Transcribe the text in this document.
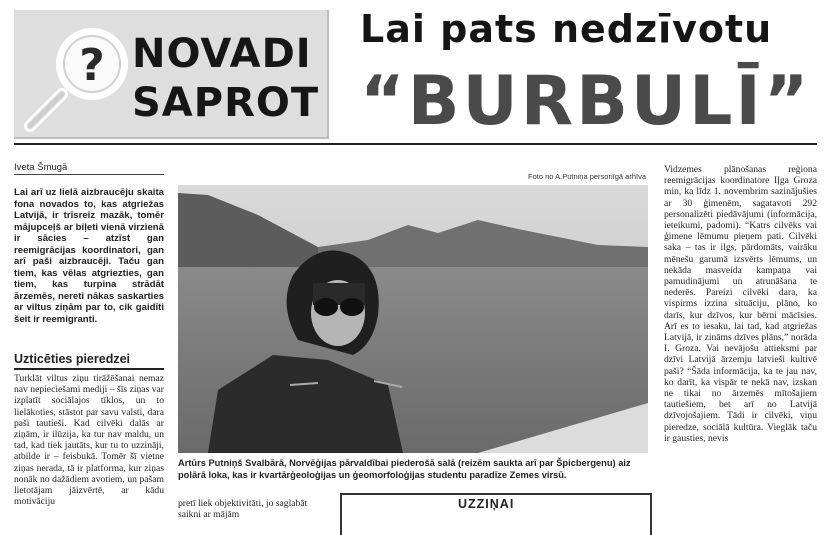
? NOVADI
SAPROT
Lai pats nedzīvotu
“BURBULĪ”
Iveta Šmugā
Lai arī uz lielā aizbraucēju skaita fona novados to, kas atgriežas Latvijā, ir trīsreiz mazāk, tomēr mājupceļš ar biļeti vienā virzienā ir sācies – atzīst gan reemigrācijas koordinatori, gan arī paši aizbraucēji. Taču gan tiem, kas vēlas atgriezties, gan tiem, kas turpina strādāt ārzemēs, nereti nākas saskarties ar viltus ziņām par to, cik gaidīti šeit ir reemigranti.
Uzticēties pieredzei
Turklāt viltus ziņu tirāžēšanai nemaz nav nepieciešami mediji – šīs ziņas var izplatīt sociālajos tīklos, un to lielākoties, stāstot par savu valsti, dara paši tautieši. Kad cilvēki dalās ar ziņām, ir ilūzija, ka tur nav maldu, un tad, kad tiek jautāts, kur tu to uzzināji, atbilde ir – feisbukā. Tomēr šī vietne ziņas nerada, tā ir platforma, kur ziņas nonāk no dažādiem avotiem, un pašam lietotājam jāizvērtē, ar kādu motivāciju
Foto no A.Putniņa personīgā arhīva
Artūrs Putniņš Svalbārā, Norvēģijas pārvaldībai piederošā salā (reizēm saukta arī par Špicbergenu) aiz polārā loka, kas ir kvartārģeoloģijas un ģeomorfoloģijas studentu paradīze Zemes virsū.
pretī liek objektivitāti, jo saglabāt saikni ar mājām
UZZIŅAI
Vidzemes plānošanas reģiona reemigrācijas koordinatore Iļga Groza min, ka līdz 1. novembrim sazinājušies ar 30 ģimenēm, sagatavoti 292 personalizēti piedāvājumi (informācija, ieteikumi, padomi). “Katrs cilvēks vai ģimene lēmumu pieņem pati. Cilvēki saka – tas ir ilgs, pārdomāts, vairāku mēnešu garumā izsvērts lēmums, un nekāda masveida kampaņa vai pamudinājumi un atrunāšana te nederēs. Pareizi cilvēki dara, ka vispirms izzina situāciju, plāno, ko darīs, kur dzīvos, kur bērni mācīsies. Arī es to iesaku, lai tad, kad atgriežas Latvijā, ir zināms dzīves plāns,” norāda I. Groza. Vai nevājošu attieksmi par dzīvi Latvijā ārzemju latvieši kultivē paši? “Šāda informācija, ka te jau nav, ko darīt, ka vispār te nekā nav, izskan ne tikai no ārzemēs mītošajiem tautiešiem, bet arī no Latvijā dzīvojošajiem. Tādi ir cilvēki, viņu pieredze, sociālā kultūra. Vieglāk taču ir gausties, nevis
